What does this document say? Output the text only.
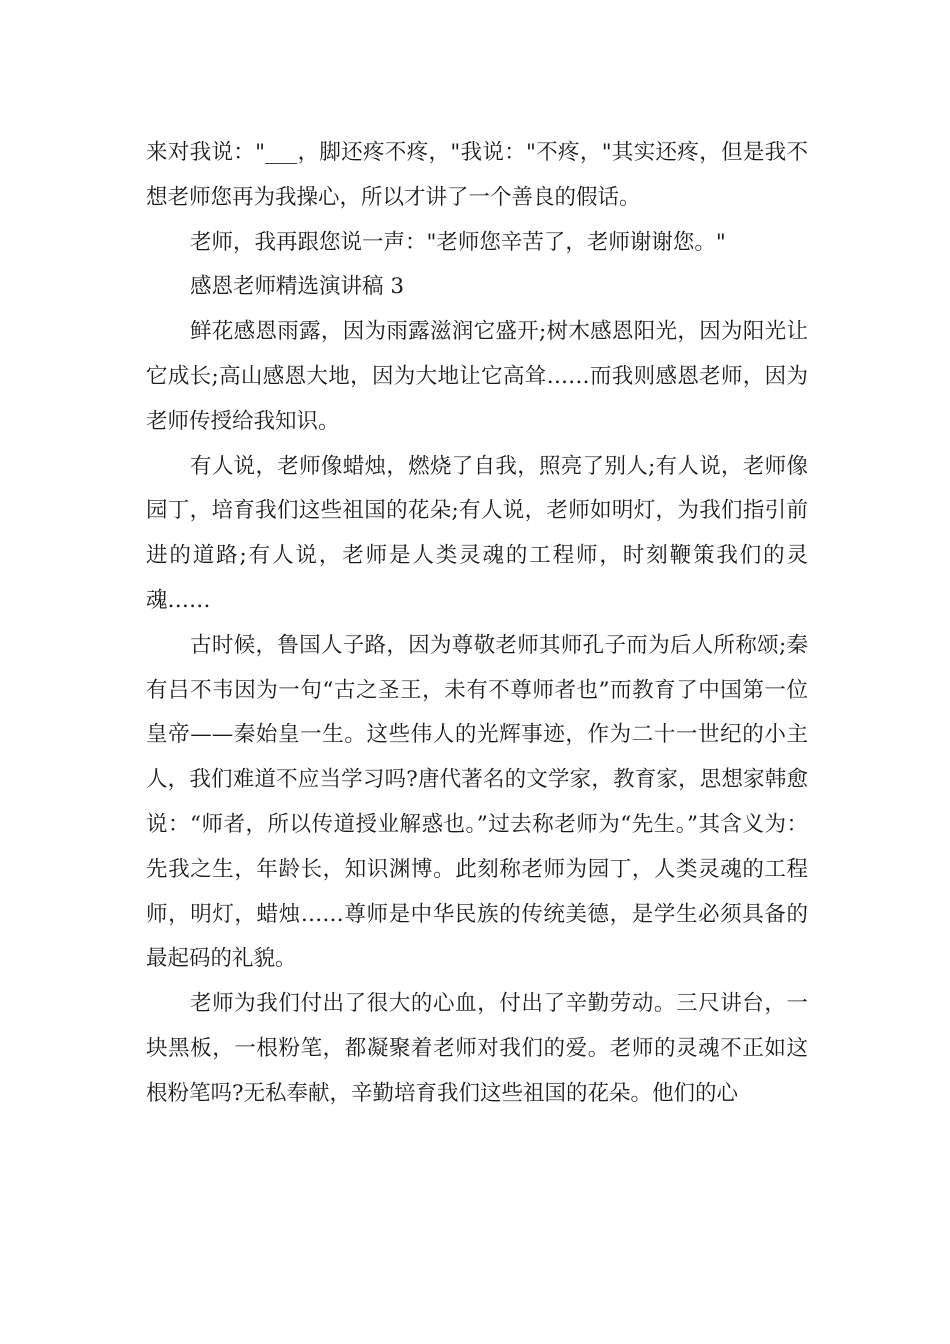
来对我说："___，脚还疼不疼，"我说："不疼，"其实还疼，但是我不想老师您再为我操心，所以才讲了一个善良的假话。

老师，我再跟您说一声："老师您辛苦了，老师谢谢您。"

感恩老师精选演讲稿 3

鲜花感恩雨露，因为雨露滋润它盛开;树木感恩阳光，因为阳光让它成长;高山感恩大地，因为大地让它高耸……而我则感恩老师，因为老师传授给我知识。

有人说，老师像蜡烛，燃烧了自我，照亮了别人;有人说，老师像园丁，培育我们这些祖国的花朵;有人说，老师如明灯，为我们指引前进的道路;有人说，老师是人类灵魂的工程师，时刻鞭策我们的灵魂……

古时候，鲁国人子路，因为尊敬老师其师孔子而为后人所称颂;秦有吕不韦因为一句“古之圣王，未有不尊师者也”而教育了中国第一位皇帝——秦始皇一生。这些伟人的光辉事迹，作为二十一世纪的小主人，我们难道不应当学习吗?唐代著名的文学家，教育家，思想家韩愈说：“师者，所以传道授业解惑也。”过去称老师为“先生。”其含义为：先我之生，年龄长，知识渊博。此刻称老师为园丁，人类灵魂的工程师，明灯，蜡烛……尊师是中华民族的传统美德，是学生必须具备的最起码的礼貌。

老师为我们付出了很大的心血，付出了辛勤劳动。三尺讲台，一块黑板，一根粉笔，都凝聚着老师对我们的爱。老师的灵魂不正如这根粉笔吗?无私奉献，辛勤培育我们这些祖国的花朵。他们的心
